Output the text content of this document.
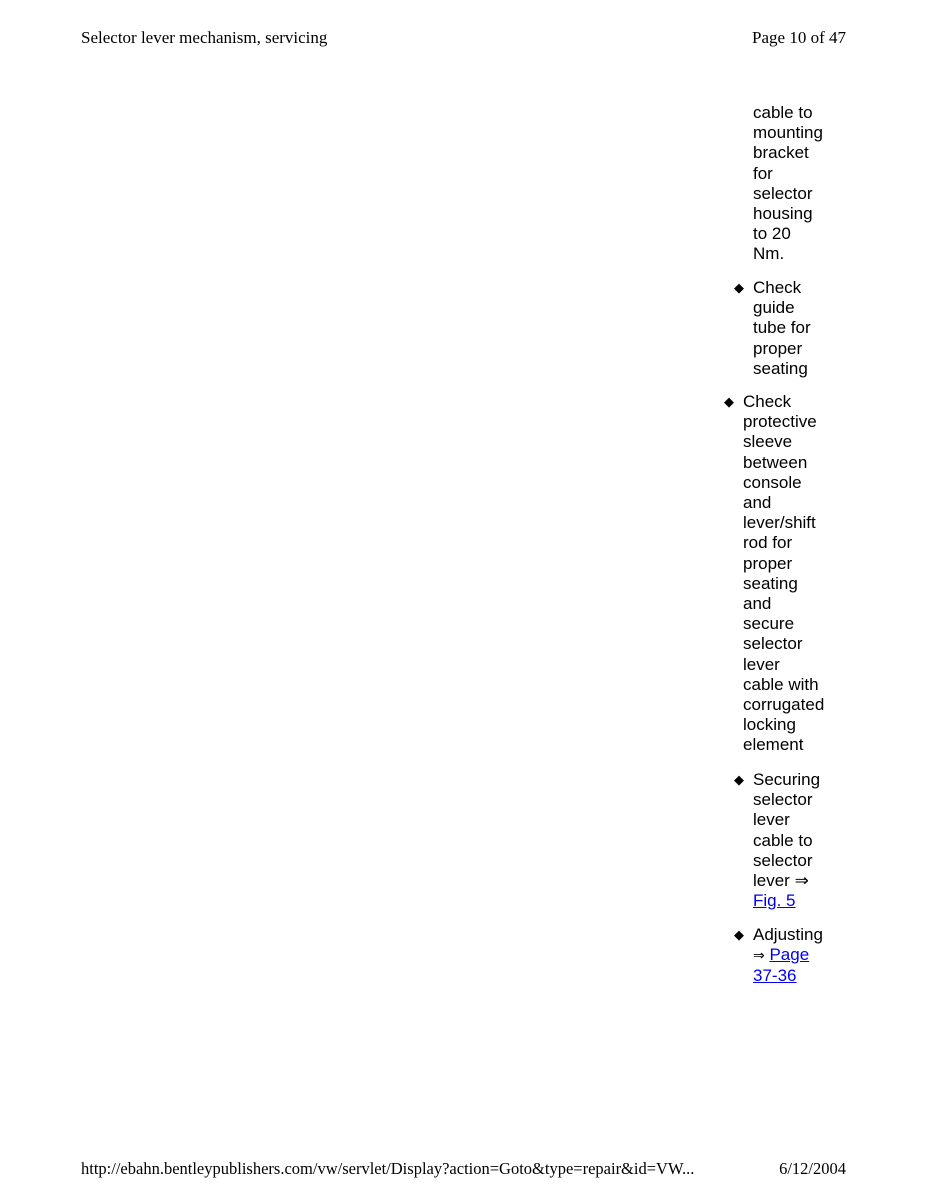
Selector lever mechanism, servicing	Page 10 of 47
cable to
mounting
bracket
for
selector
housing
to 20
Nm.
◆ Check
guide
tube for
proper
seating
◆ Check
protective
sleeve
between
console
and
lever/shift
rod for
proper
seating
and
secure
selector
lever
cable with
corrugated
locking
element
◆ Securing
selector
lever
cable to
selector
lever ⇒
Fig. 5
◆ Adjusting
⇒ Page
37-36
http://ebahn.bentleypublishers.com/vw/servlet/Display?action=Goto&type=repair&id=VW...	6/12/2004
